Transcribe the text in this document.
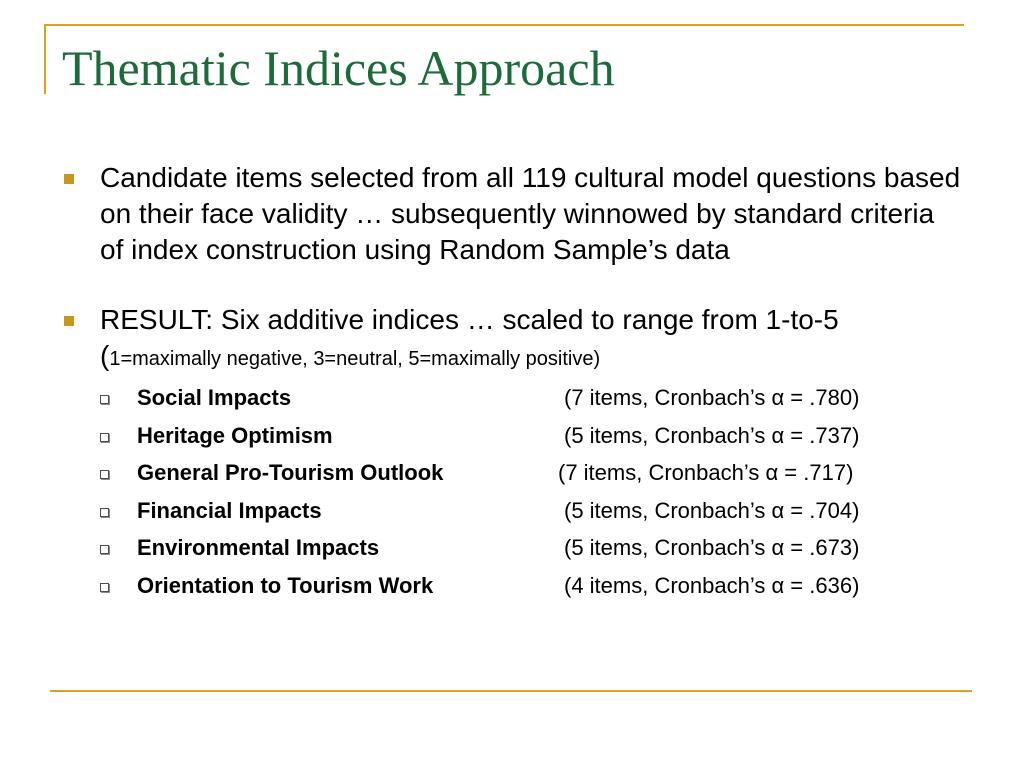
Thematic Indices Approach
Candidate items selected from all 119 cultural model questions based on their face validity … subsequently winnowed by standard criteria of index construction using Random Sample’s data
RESULT: Six additive indices … scaled to range from 1-to-5 (1=maximally negative, 3=neutral, 5=maximally positive)
Social Impacts	(7 items, Cronbach’s α = .780)
Heritage Optimism	(5 items, Cronbach’s α = .737)
General Pro-Tourism Outlook	(7 items, Cronbach’s α = .717)
Financial Impacts	(5 items, Cronbach’s α = .704)
Environmental Impacts	(5 items, Cronbach’s α = .673)
Orientation to Tourism Work	(4 items, Cronbach’s α = .636)
